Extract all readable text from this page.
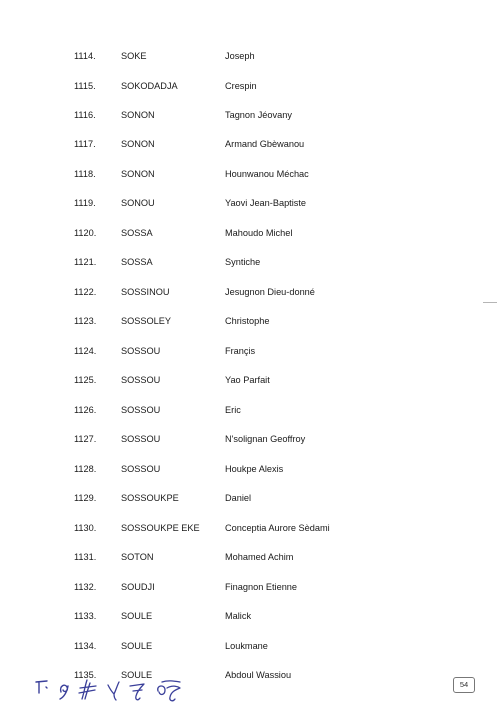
1114.	SOKE	Joseph
1115.	SOKODADJA	Crespin
1116.	SONON	Tagnon Jéovany
1117.	SONON	Armand Gbèwanou
1118.	SONON	Hounwanou Méchac
1119.	SONOU	Yaovi Jean-Baptiste
1120.	SOSSA	Mahoudo Michel
1121.	SOSSA	Syntiche
1122.	SOSSINOU	Jesugnon Dieu-donné
1123.	SOSSOLEY	Christophe
1124.	SOSSOU	Françis
1125.	SOSSOU	Yao Parfait
1126.	SOSSOU	Eric
1127.	SOSSOU	N'solignan Geoffroy
1128.	SOSSOU	Houkpe Alexis
1129.	SOSSOUKPE	Daniel
1130.	SOSSOUKPE EKE	Conceptia Aurore Sèdami
1131.	SOTON	Mohamed Achim
1132.	SOUDJI	Finagnon Etienne
1133.	SOULE	Malick
1134.	SOULE	Loukmane
1135.	SOULE	Abdoul Wassiou
54
